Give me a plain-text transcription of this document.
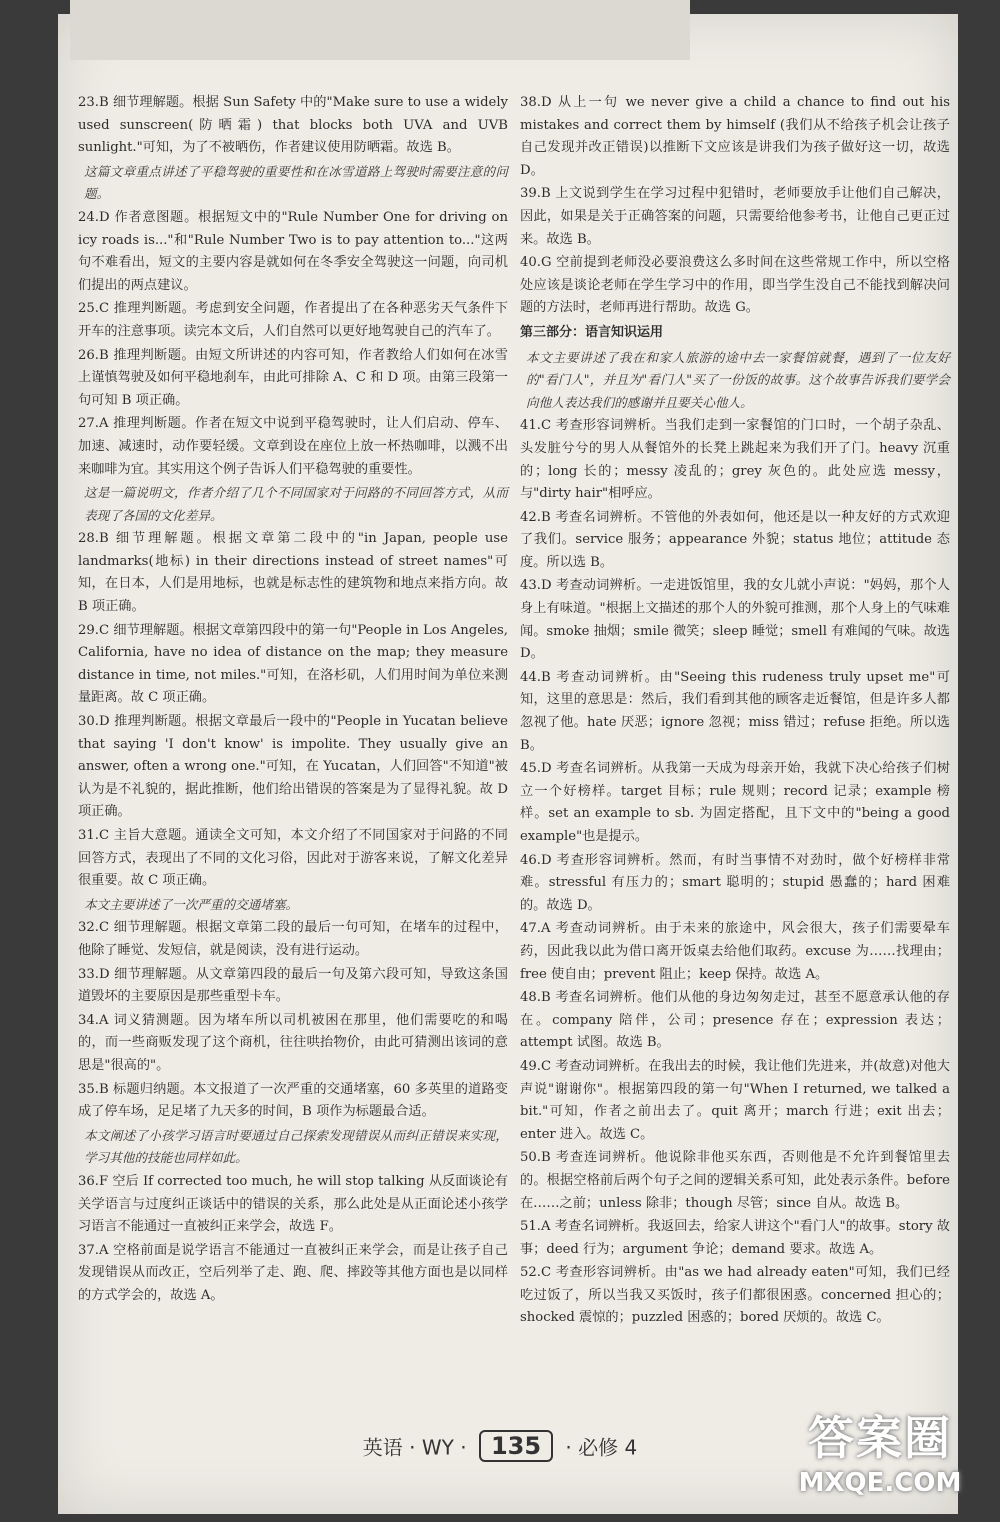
23.B 细节理解题。根据 Sun Safety 中的"Make sure to use a widely used sunscreen(防晒霜) that blocks both UVA and UVB sunlight."可知，为了不被晒伤，作者建议使用防晒霜。故选 B。

这篇文章重点讲述了平稳驾驶的重要性和在冰雪道路上驾驶时需要注意的问题。

24.D 作者意图题。根据短文中的"Rule Number One for driving on icy roads is..."和"Rule Number Two is to pay attention to..."这两句不难看出，短文的主要内容是就如何在冬季安全驾驶这一问题，向司机们提出的两点建议。

25.C 推理判断题。考虑到安全问题，作者提出了在各种恶劣天气条件下开车的注意事项。读完本文后，人们自然可以更好地驾驶自己的汽车了。

26.B 推理判断题。由短文所讲述的内容可知，作者教给人们如何在冰雪上谨慎驾驶及如何平稳地刹车，由此可排除 A、C 和 D 项。由第三段第一句可知 B 项正确。

27.A 推理判断题。作者在短文中说到平稳驾驶时，让人们启动、停车、加速、减速时，动作要轻缓。文章到设在座位上放一杯热咖啡，以溅不出来咖啡为宜。其实用这个例子告诉人们平稳驾驶的重要性。

这是一篇说明文，作者介绍了几个不同国家对于问路的不同回答方式，从而表现了各国的文化差异。

28.B 细节理解题。根据文章第二段中的"in Japan, people use landmarks(地标) in their directions instead of street names"可知，在日本，人们是用地标，也就是标志性的建筑物和地点来指方向。故 B 项正确。

29.C 细节理解题。根据文章第四段中的第一句"People in Los Angeles, California, have no idea of distance on the map; they measure distance in time, not miles."可知，在洛杉矶，人们用时间为单位来测量距离。故 C 项正确。

30.D 推理判断题。根据文章最后一段中的"People in Yucatan believe that saying 'I don't know' is impolite. They usually give an answer, often a wrong one."可知，在 Yucatan，人们回答"不知道"被认为是不礼貌的，据此推断，他们给出错误的答案是为了显得礼貌。故 D 项正确。

31.C 主旨大意题。通读全文可知，本文介绍了不同国家对于问路的不同回答方式，表现出了不同的文化习俗，因此对于游客来说，了解文化差异很重要。故 C 项正确。

本文主要讲述了一次严重的交通堵塞。

32.C 细节理解题。根据文章第二段的最后一句可知，在堵车的过程中，他除了睡觉、发短信，就是阅读，没有进行运动。

33.D 细节理解题。从文章第四段的最后一句及第六段可知，导致这条国道毁坏的主要原因是那些重型卡车。

34.A 词义猜测题。因为堵车所以司机被困在那里，他们需要吃的和喝的，而一些商贩发现了这个商机，往往哄抬物价，由此可猜测出该词的意思是"很高的"。

35.B 标题归纳题。本文报道了一次严重的交通堵塞，60 多英里的道路变成了停车场，足足堵了九天多的时间，B 项作为标题最合适。

本文阐述了小孩学习语言时要通过自己探索发现错误从而纠正错误来实现，学习其他的技能也同样如此。

36.F 空后 If corrected too much, he will stop talking 从反面谈论有关学语言与过度纠正谈话中的错误的关系，那么此处是从正面论述小孩学习语言不能通过一直被纠正来学会，故选 F。

37.A 空格前面是说学语言不能通过一直被纠正来学会，而是让孩子自己发现错误从而改正，空后列举了走、跑、爬、摔跤等其他方面也是以同样的方式学会的，故选 A。

38.D 从上一句 we never give a child a chance to find out his mistakes and correct them by himself (我们从不给孩子机会让孩子自己发现并改正错误)以推断下文应该是讲我们为孩子做好这一切，故选 D。

39.B 上文说到学生在学习过程中犯错时，老师要放手让他们自己解决，因此，如果是关于正确答案的问题，只需要给他参考书，让他自己更正过来。故选 B。

40.G 空前提到老师没必要浪费这么多时间在这些常规工作中，所以空格处应该是谈论老师在学生学习中的作用，即当学生没自己不能找到解决问题的方法时，老师再进行帮助。故选 G。

第三部分：语言知识运用

本文主要讲述了我在和家人旅游的途中去一家餐馆就餐，遇到了一位友好的"看门人"，并且为"看门人"买了一份饭的故事。这个故事告诉我们要学会向他人表达我们的感谢并且要关心他人。

41.C 考查形容词辨析。当我们走到一家餐馆的门口时，一个胡子杂乱、头发脏兮兮的男人从餐馆外的长凳上跳起来为我们开了门。heavy 沉重的；long 长的；messy 凌乱的；grey 灰色的。此处应选 messy，与"dirty hair"相呼应。

42.B 考查名词辨析。不管他的外表如何，他还是以一种友好的方式欢迎了我们。service 服务；appearance 外貌；status 地位；attitude 态度。所以选 B。

43.D 考查动词辨析。一走进饭馆里，我的女儿就小声说："妈妈，那个人身上有味道。"根据上文描述的那个人的外貌可推测，那个人身上的气味难闻。smoke 抽烟；smile 微笑；sleep 睡觉；smell 有难闻的气味。故选 D。

44.B 考查动词辨析。由"Seeing this rudeness truly upset me"可知，这里的意思是：然后，我们看到其他的顾客走近餐馆，但是许多人都忽视了他。hate 厌恶；ignore 忽视；miss 错过；refuse 拒绝。所以选 B。

45.D 考查名词辨析。从我第一天成为母亲开始，我就下决心给孩子们树立一个好榜样。target 目标；rule 规则；record 记录；example 榜样。set an example to sb. 为固定搭配，且下文中的"being a good example"也是提示。

46.D 考查形容词辨析。然而，有时当事情不对劲时，做个好榜样非常难。stressful 有压力的；smart 聪明的；stupid 愚蠢的；hard 困难的。故选 D。

47.A 考查动词辨析。由于未来的旅途中，风会很大，孩子们需要晕车药，因此我以此为借口离开饭桌去给他们取药。excuse 为……找理由；free 使自由；prevent 阻止；keep 保持。故选 A。

48.B 考查名词辨析。他们从他的身边匆匆走过，甚至不愿意承认他的存在。company 陪伴，公司；presence 存在；expression 表达；attempt 试图。故选 B。

49.C 考查动词辨析。在我出去的时候，我让他们先进来，并(故意)对他大声说"谢谢你"。根据第四段的第一句"When I returned, we talked a bit."可知，作者之前出去了。quit 离开；march 行进；exit 出去；enter 进入。故选 C。

50.B 考查连词辨析。他说除非他买东西，否则他是不允许到餐馆里去的。根据空格前后两个句子之间的逻辑关系可知，此处表示条件。before 在……之前；unless 除非；though 尽管；since 自从。故选 B。

51.A 考查名词辨析。我返回去，给家人讲这个"看门人"的故事。story 故事；deed 行为；argument 争论；demand 要求。故选 A。

52.C 考查形容词辨析。由"as we had already eaten"可知，我们已经吃过饭了，所以当我又买饭时，孩子们都很困惑。concerned 担心的；shocked 震惊的；puzzled 困惑的；bored 厌烦的。故选 C。

英语 · WY · 135 · 必修 4	答案圈
MXQE.COM
